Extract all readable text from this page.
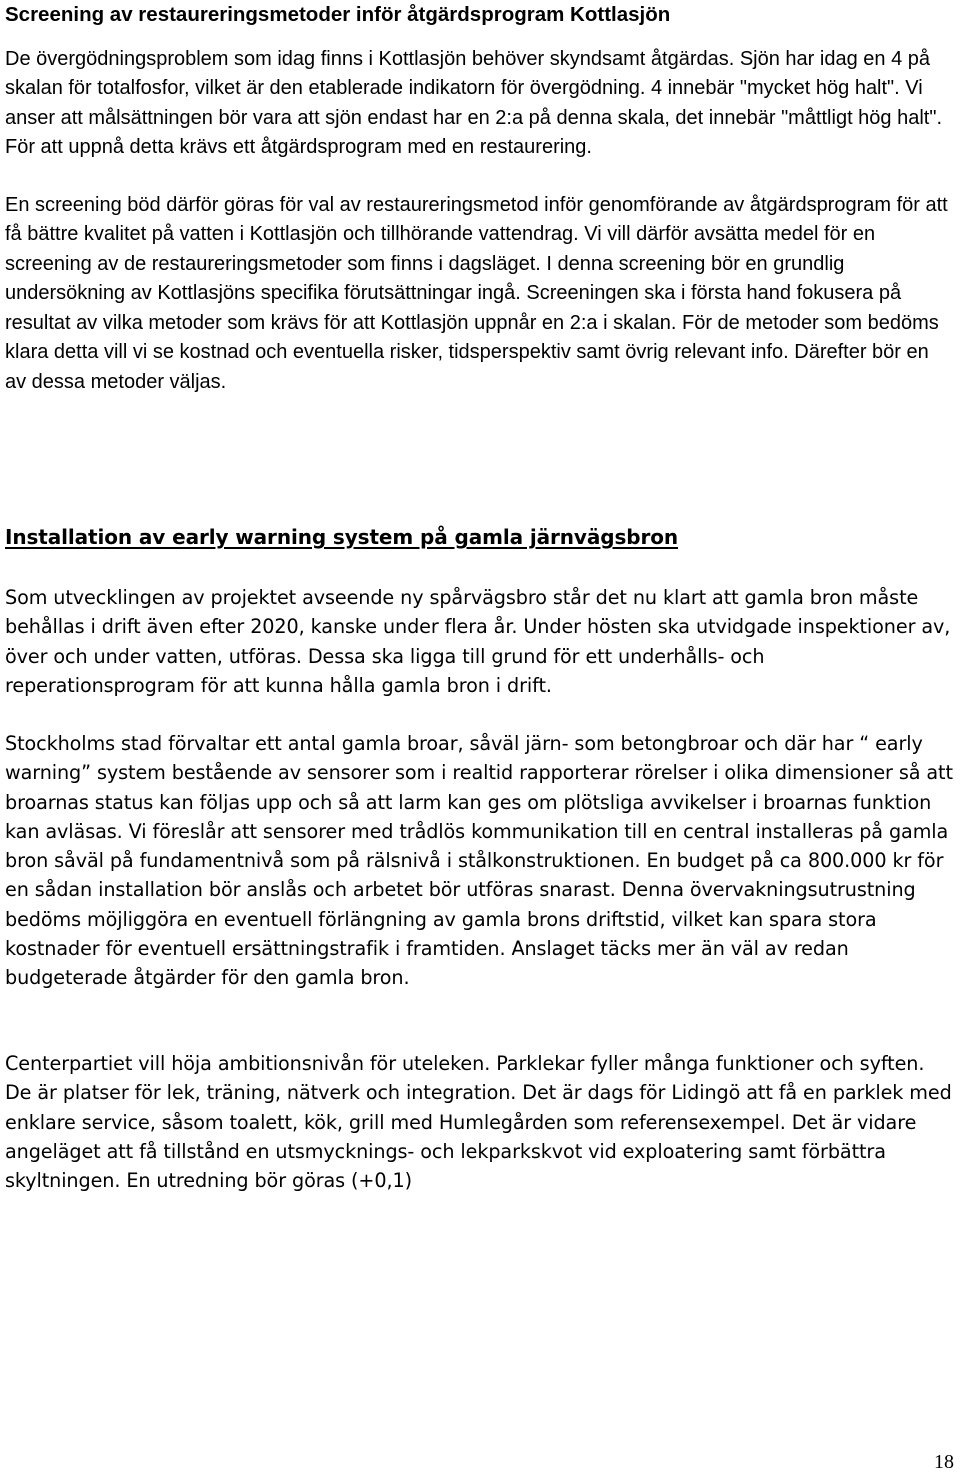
Screening av restaureringsmetoder inför åtgärdsprogram Kottlasjön

De övergödningsproblem som idag finns i Kottlasjön behöver skyndsamt åtgärdas. Sjön har idag en 4 på skalan för totalfosfor, vilket är den etablerade indikatorn för övergödning. 4 innebär "mycket hög halt". Vi anser att målsättningen bör vara att sjön endast har en 2:a på denna skala, det innebär "måttligt hög halt". För att uppnå detta krävs ett åtgärdsprogram med en restaurering.

En screening böd därför göras för val av restaureringsmetod inför genomförande av åtgärdsprogram för att få bättre kvalitet på vatten i Kottlasjön och tillhörande vattendrag. Vi vill därför avsätta medel för en screening av de restaureringsmetoder som finns i dagsläget. I denna screening bör en grundlig undersökning av Kottlasjöns specifika förutsättningar ingå. Screeningen ska i första hand fokusera på resultat av vilka metoder som krävs för att Kottlasjön uppnår en 2:a i skalan. För de metoder som bedöms klara detta vill vi se kostnad och eventuella risker, tidsperspektiv samt övrig relevant info. Därefter bör en av dessa metoder väljas.

Installation av early warning system på gamla järnvägsbron

Som utvecklingen av projektet avseende ny spårvägsbro står det nu klart att gamla bron måste behållas i drift även efter 2020, kanske under flera år. Under hösten ska utvidgade inspektioner av, över och under vatten, utföras. Dessa ska ligga till grund för ett underhålls- och reperationsprogram för att kunna hålla gamla bron i drift.

Stockholms stad förvaltar ett antal gamla broar, såväl järn- som betongbroar och där har “ early warning” system bestående av sensorer som i realtid rapporterar rörelser i olika dimensioner så att broarnas status kan följas upp och så att larm kan ges om plötsliga avvikelser i broarnas funktion kan avläsas. Vi föreslår att sensorer med trådlös kommunikation till en central installeras på gamla bron såväl på fundamentnivå som på rälsnivå i stålkonstruktionen. En budget på ca 800.000 kr för en sådan installation bör anslås och arbetet bör utföras snarast. Denna övervakningsutrustning bedöms möjliggöra en eventuell förlängning av gamla brons driftstid, vilket kan spara stora kostnader för eventuell ersättningstrafik i framtiden. Anslaget täcks mer än väl av redan budgeterade åtgärder för den gamla bron.

Centerpartiet vill höja ambitionsnivån för uteleken. Parklekar fyller många funktioner och syften. De är platser för lek, träning, nätverk och integration. Det är dags för Lidingö att få en parklek med enklare service, såsom toalett, kök, grill med Humlegården som referensexempel. Det är vidare angeläget att få tillstånd en utsmycknings- och lekparkskvot vid exploatering samt förbättra skyltningen. En utredning bör göras (+0,1)

18
